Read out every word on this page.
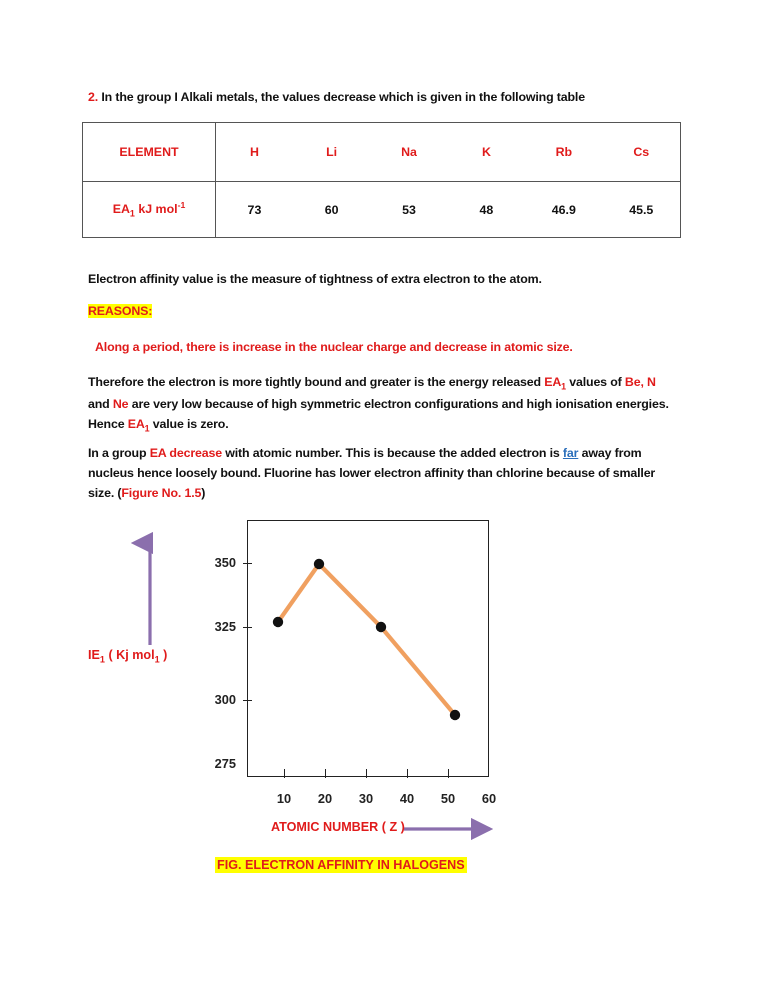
2. In the group I Alkali metals, the values decrease which is given in the following table
ELEMENT	H	Li	Na	K	Rb	Cs
$EA_1$ kJ mol$^{-1}$	73	60	53	48	46.9	45.5
Electron affinity value is the measure of tightness of extra electron to the atom.
REASONS:
Along a period, there is increase in the nuclear charge and decrease in atomic size.
Therefore the electron is more tightly bound and greater is the energy released $EA_1$ values of Be, N and Ne are very low because of high symmetric electron configurations and high ionisation energies. Hence $EA_1$ value is zero.
In a group EA decrease with atomic number. This is because the added electron is far away from nucleus hence loosely bound. Fluorine has lower electron affinity than chlorine because of smaller size. (Figure No. 1.5)
350
325
300
275
10	20	30	40	50	60
$IE_1$ ( Kj mol$_1$ )
ATOMIC NUMBER ( Z )
FIG. ELECTRON AFFINITY IN HALOGENS
